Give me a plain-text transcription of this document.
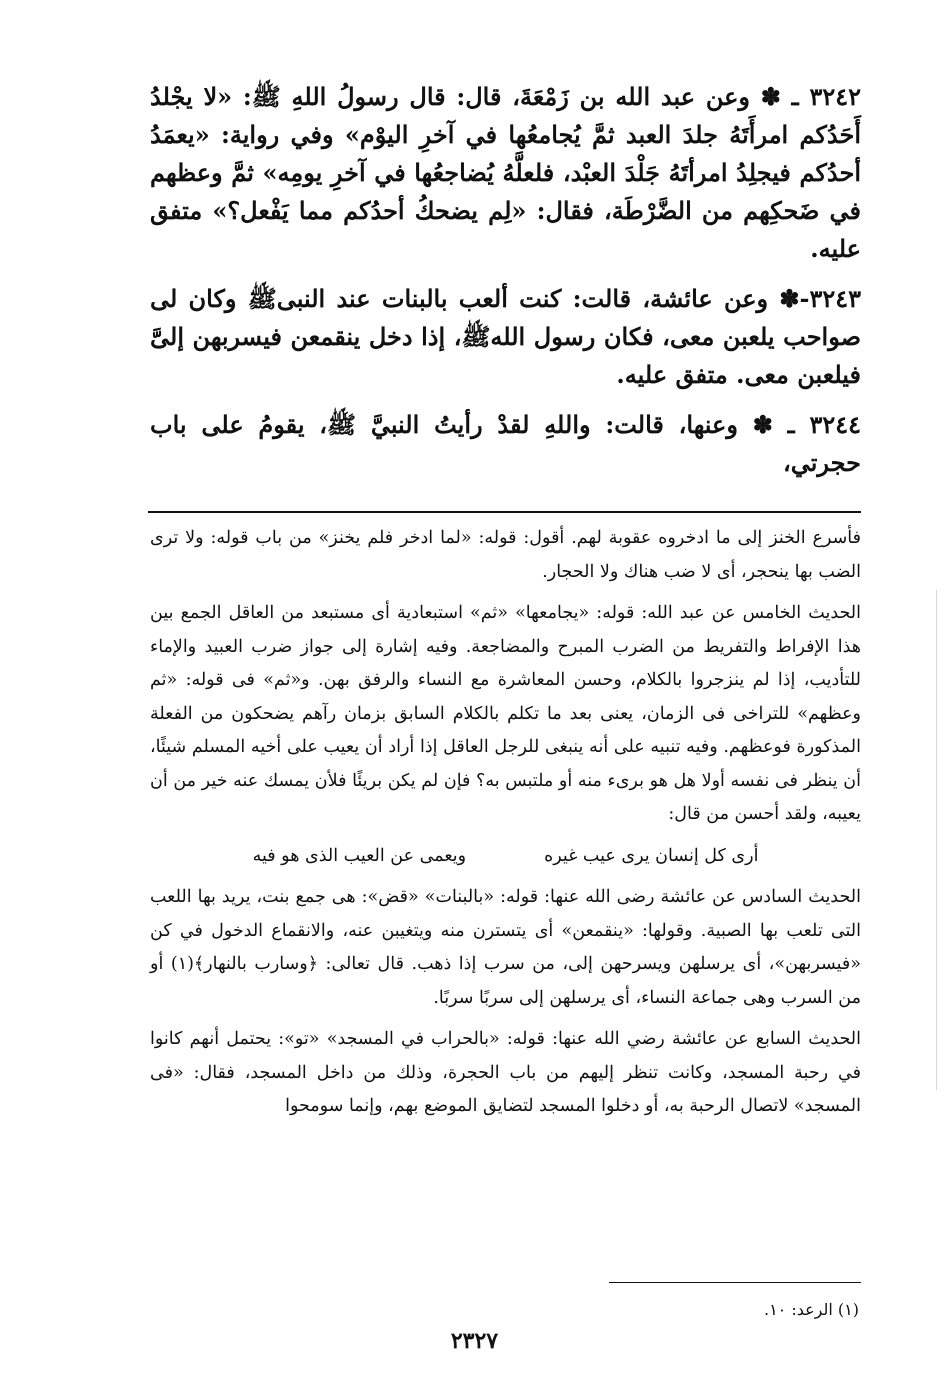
٣٢٤٢ ـ ✽ وعن عبد الله بن زَمْعَةَ، قال: قال رسولُ اللهِ ﷺ: «لا يجْلدُ أَحَدُكم امرأَتَهُ جلدَ العبد ثمَّ يُجامعُها في آخرِ اليوْم» وفي رواية: «يعمَدُ أحدُكم فيجلِدُ امرأتَهُ جَلْدَ العبْد، فلعلَّهُ يُضاجعُها في آخرِ يومِه» ثمَّ وعظهم في ضَحكِهم من الضَّرْطَة، فقال: «لِم يضحكُ أحدُكم مما يَفْعل؟» متفق عليه.

٣٢٤٣-✽ وعن عائشة، قالت: كنت ألعب بالبنات عند النبىﷺ وكان لى صواحب يلعبن معى، فكان رسول اللهﷺ، إذا دخل ينقمعن فيسربهن إلىَّ فيلعبن معى. متفق عليه.

٣٢٤٤ ـ ✽ وعنها، قالت: واللهِ لقدْ رأيتُ النبيَّ ﷺ، يقومُ على باب حجرتي،

فأسرع الخنز إلى ما ادخروه عقوبة لهم. أقول: قوله: «لما ادخر فلم يخنز» من باب قوله: ولا ترى الضب بها ينحجر، أى لا ضب هناك ولا الحجار.

الحديث الخامس عن عبد الله: قوله: «يجامعها» «ثم» استبعادية أى مستبعد من العاقل الجمع بين هذا الإفراط والتفريط من الضرب المبرح والمضاجعة. وفيه إشارة إلى جواز ضرب العبيد والإماء للتأديب، إذا لم ينزجروا بالكلام، وحسن المعاشرة مع النساء والرفق بهن. و«ثم» فى قوله: «ثم وعظهم» للتراخى فى الزمان، يعنى بعد ما تكلم بالكلام السابق بزمان رآهم يضحكون من الفعلة المذكورة فوعظهم. وفيه تنبيه على أنه ينبغى للرجل العاقل إذا أراد أن يعيب على أخيه المسلم شيئًا، أن ينظر فى نفسه أولا هل هو برىء منه أو ملتبس به؟ فإن لم يكن بريئًا فلأن يمسك عنه خير من أن يعيبه، ولقد أحسن من قال:

أرى كل إنسان يرى عيب غيره
ويعمى عن العيب الذى هو فيه

الحديث السادس عن عائشة رضى الله عنها: قوله: «بالبنات» «قض»: هى جمع بنت، يريد بها اللعب التى تلعب بها الصبية. وقولها: «ينقمعن» أى يتسترن منه ويتغيبن عنه، والانقماع الدخول في كن «فيسربهن»، أى يرسلهن ويسرحهن إلى، من سرب إذا ذهب. قال تعالى: ﴿وسارب بالنهار﴾(١) أو من السرب وهى جماعة النساء، أى يرسلهن إلى سربًا سربًا.

الحديث السابع عن عائشة رضي الله عنها: قوله: «بالحراب في المسجد» «تو»: يحتمل أنهم كانوا في رحبة المسجد، وكانت تنظر إليهم من باب الحجرة، وذلك من داخل المسجد، فقال: «فى المسجد» لاتصال الرحبة به، أو دخلوا المسجد لتضايق الموضع بهم، وإنما سومحوا

(١) الرعد: ١٠.
٢٣٢٧
